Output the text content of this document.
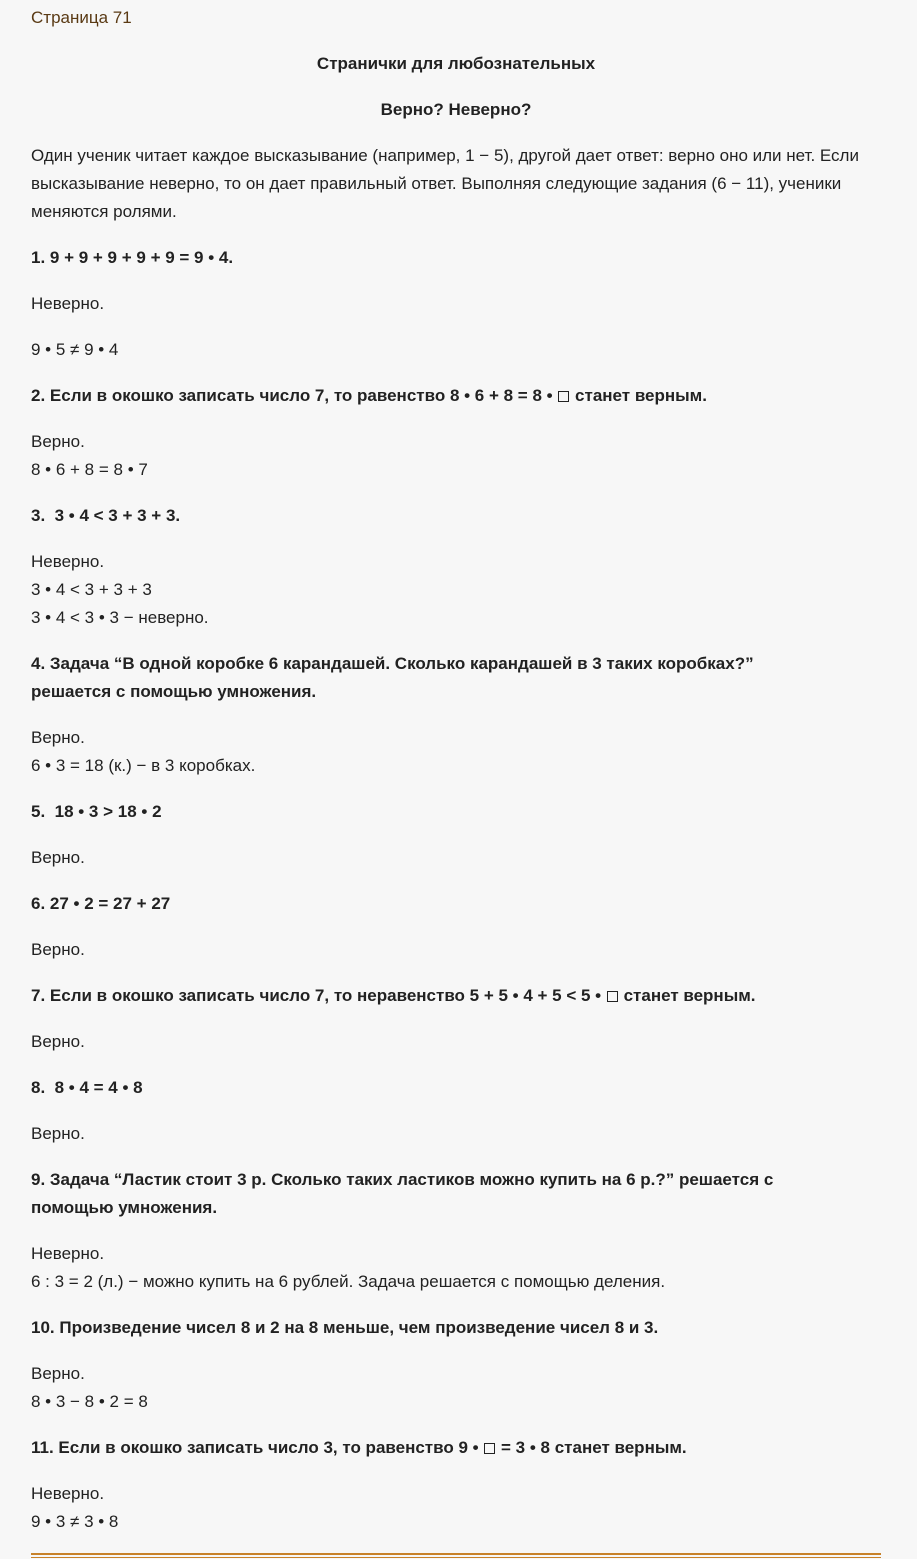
Страница 71
Странички для любознательных
Верно? Неверно?
Один ученик читает каждое высказывание (например, 1 − 5), другой дает ответ: верно оно или нет. Если высказывание неверно, то он дает правильный ответ. Выполняя следующие задания (6 − 11), ученики меняются ролями.
1. 9 + 9 + 9 + 9 + 9 = 9 • 4.
Неверно.
9 • 5 ≠ 9 • 4
2. Если в окошко записать число 7, то равенство 8 • 6 + 8 = 8 •  станет верным.
Верно.
8 • 6 + 8 = 8 • 7
3.  3 • 4 < 3 + 3 + 3.
Неверно.
3 • 4 < 3 + 3 + 3
3 • 4 < 3 • 3 − неверно.
4. Задача “В одной коробке 6 карандашей. Сколько карандашей в 3 таких коробках?”
решается с помощью умножения.
Верно.
6 • 3 = 18 (к.) − в 3 коробках.
5.  18 • 3 > 18 • 2
Верно.
6. 27 • 2 = 27 + 27
Верно.
7. Если в окошко записать число 7, то неравенство 5 + 5 • 4 + 5 < 5 •  станет верным.
Верно.
8.  8 • 4 = 4 • 8
Верно.
9. Задача “Ластик стоит 3 р. Сколько таких ластиков можно купить на 6 р.?” решается с
помощью умножения.
Неверно.
6 : 3 = 2 (л.) − можно купить на 6 рублей. Задача решается с помощью деления.
10. Произведение чисел 8 и 2 на 8 меньше, чем произведение чисел 8 и 3.
Верно.
8 • 3 − 8 • 2 = 8
11. Если в окошко записать число 3, то равенство 9 •  = 3 • 8 станет верным.
Неверно.
9 • 3 ≠ 3 • 8
